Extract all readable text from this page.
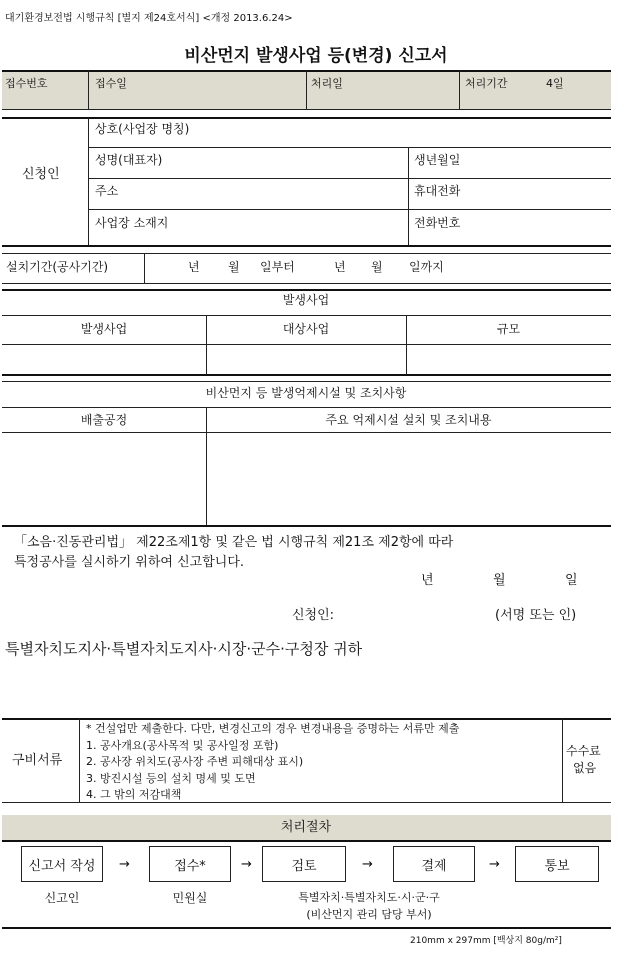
대기환경보전법 시행규칙 [별지 제24호서식] <개정 2013.6.24>
비산먼지 발생사업 등(변경) 신고서
접수번호	접수일	처리일	처리기간	4일
신청인
상호(사업장 명칭)
성명(대표자)	생년월일
주소	휴대전화
사업장 소재지	전화번호
설치기간(공사기간)	년 월 일부터	년 월 일까지
발생사업
발생사업	대상사업	규모
비산먼지 등 발생억제시설 및 조치사항
배출공정	주요 억제시설 설치 및 조치내용
「소음·진동관리법」 제22조제1항 및 같은 법 시행규칙 제21조 제2항에 따라
특정공사를 실시하기 위하여 신고합니다.
년	월	일
신청인:	(서명 또는 인)
특별자치도지사·특별자치도지사·시장·군수·구청장 귀하
구비서류
* 건설업만 제출한다. 다만, 변경신고의 경우 변경내용을 증명하는 서류만 제출
1. 공사개요(공사목적 및 공사일정 포함)
2. 공사장 위치도(공사장 주변 피해대상 표시)
3. 방진시설 등의 설치 명세 및 도면
4. 그 밖의 저감대책
수수료
없음
처리절차
신고서 작성	→	접수*	→	검토	→	결제	→	통보
신고인	민원실	특별자치·특별자치도·시·군·구
(비산먼지 관리 담당 부서)
210mm x 297mm [백상지 80g/m²]
